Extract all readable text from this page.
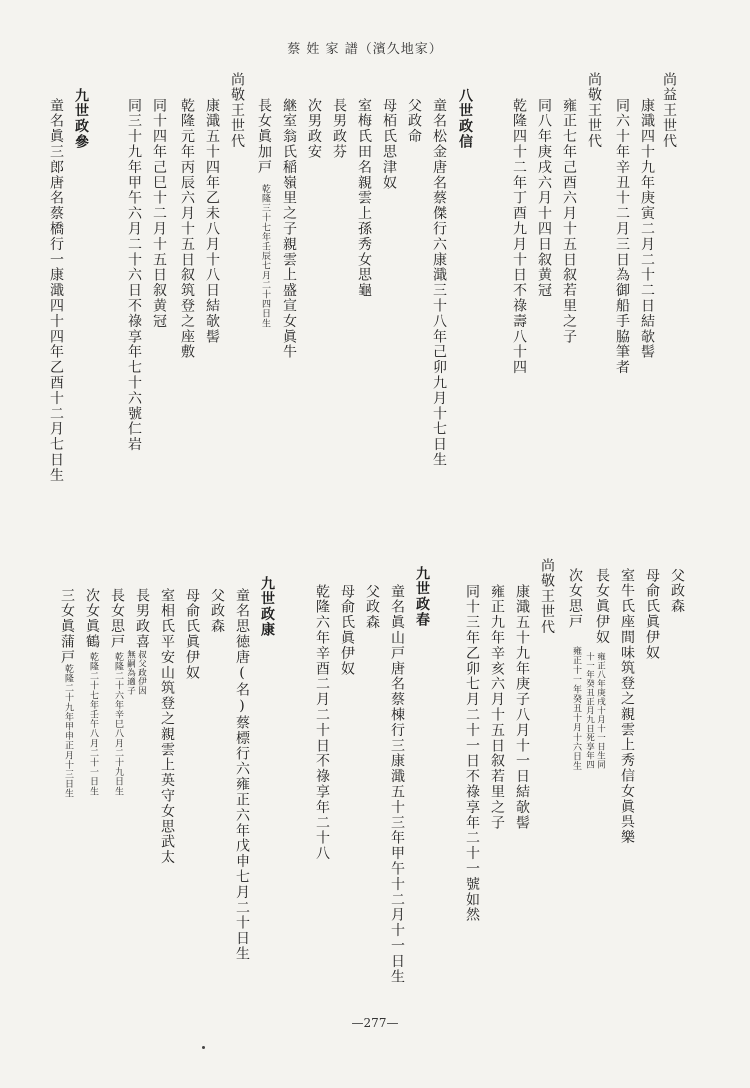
蔡 姓 家 譜（濱久地家）
尚益王世代
康濈四十九年庚寅二月二十二日結欹髻
同六十年辛丑十二月三日為御船手脇筆者
尚敬王世代
雍正七年己酉六月十五日叙若里之子
同八年庚戌六月十四日叙黄冠
乾隆四十二年丁酉九月十日不祿壽八十四
八世政信
童名松金唐名蔡傑行六康濈三十八年己卯九月十七日生
父政命
母栢氏思津奴
室梅氏田名親雲上孫秀女思龜
長男政芬
次男政安
継室翁氏稲嶺里之子親雲上盛宣女眞牛
長女眞加戸
乾隆三十七年壬辰七月二十四日生
尚敬王世代
康濈五十四年乙未八月十八日結欹髻
乾隆元年丙辰六月十五日叙筑登之座敷
同十四年己巳十二月十五日叙黄冠
同三十九年甲午六月二十六日不祿享年七十六號仁岩
九世政參
童名眞三郎唐名蔡橋行一康濈四十四年乙酉十二月七日生
父政森
母俞氏眞伊奴
室牛氏座間味筑登之親雲上秀信女眞呉樂
長女眞伊奴
雍正八年庚戌十月十一日生同
十一年癸丑正月九日死享年四
次女思戸
雍正十一年癸丑十月十六日生
尚敬王世代
康濈五十九年庚子八月十一日結欹髻
雍正九年辛亥六月十五日叙若里之子
同十三年乙卯七月二十一日不祿享年二十一號如然
九世政春
童名眞山戸唐名蔡棟行三康濈五十三年甲午十二月十一日生
父政森
母俞氏眞伊奴
乾隆六年辛酉二月二十日不祿享年二十八
九世政康
童名思徳唐(名)蔡標行六雍正六年戊申七月二十日生
父政森
母俞氏眞伊奴
室相氏平安山筑登之親雲上英守女思武太
長男政喜
叔父政伊因
無嗣為適子
長女思戸
乾隆二十六年辛巳八月二十九日生
次女眞鶴
乾隆二十七年壬午八月二十一日生
三女眞蒲戸
乾隆二十九年甲申正月十三日生
—277—
